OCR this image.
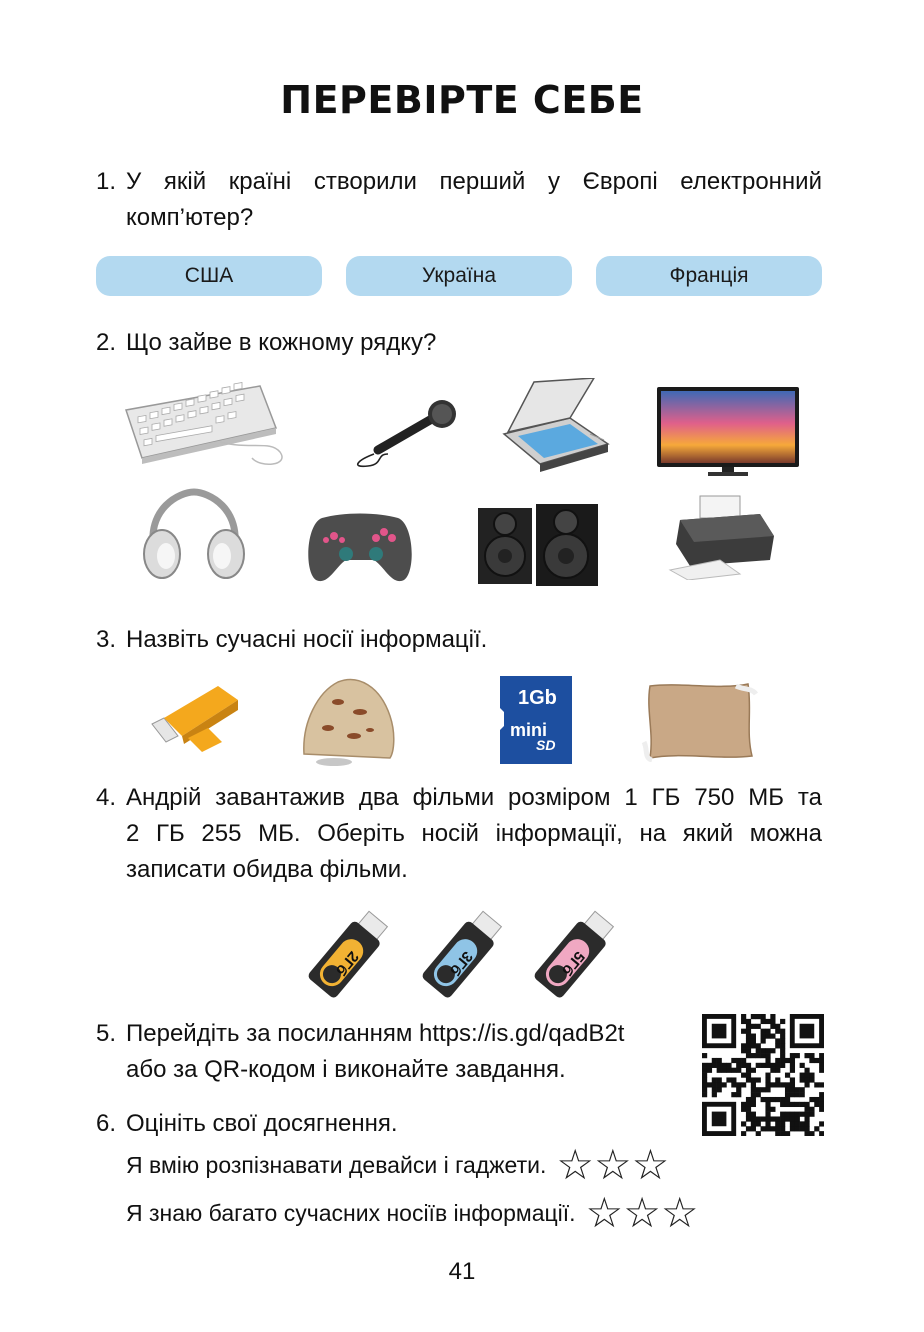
ПЕРЕВІРТЕ СЕБЕ
1. У якій країні створили перший у Європі електронний
комп’ютер?
США	Україна	Франція
2. Що зайве в кожному рядку?
3. Назвіть сучасні носії інформації.
1Gb
mini
SD
4. Андрій завантажив два фільми розміром 1 ГБ 750 МБ та
2 ГБ 255 МБ. Оберіть носій інформації, на який можна
записати обидва фільми.
2Гб	3Гб	5Гб
5. Перейдіть за посиланням https://is.gd/qadB2t
або за QR-кодом і виконайте завдання.
6. Оцініть свої досягнення.
Я вмію розпізнавати девайси і гаджети. ☆ ☆ ☆
Я знаю багато сучасних носіїв інформації. ☆ ☆ ☆
41
